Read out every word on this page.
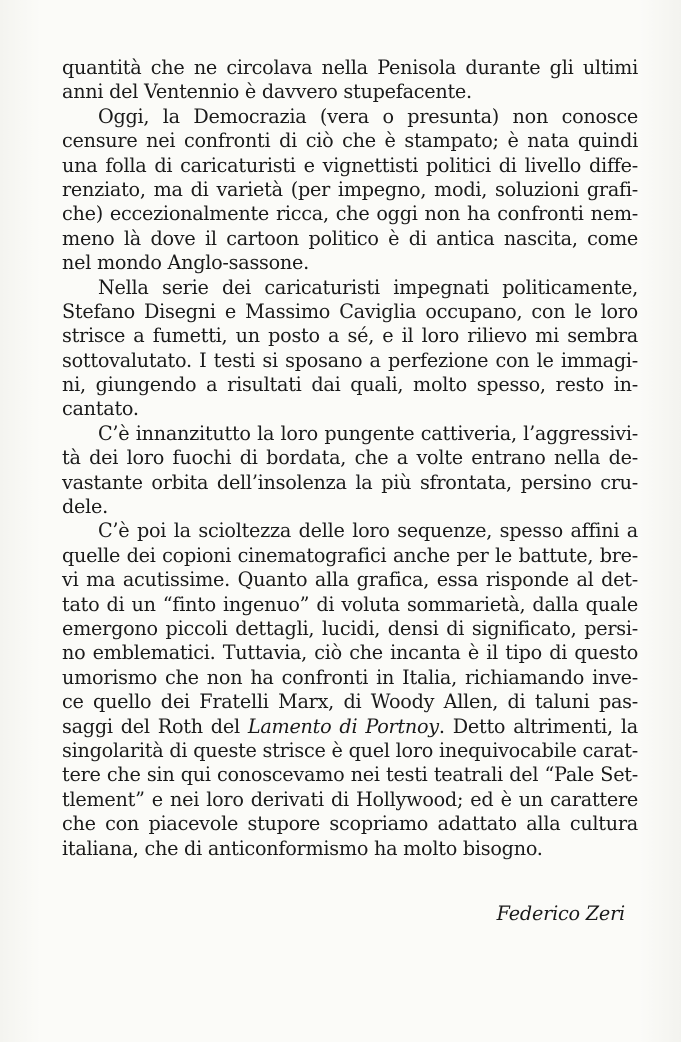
quantità che ne circolava nella Penisola durante gli ultimi
anni del Ventennio è davvero stupefacente.
Oggi, la Democrazia (vera o presunta) non conosce
censure nei confronti di ciò che è stampato; è nata quindi
una folla di caricaturisti e vignettisti politici di livello diffe-
renziato, ma di varietà (per impegno, modi, soluzioni grafi-
che) eccezionalmente ricca, che oggi non ha confronti nem-
meno là dove il cartoon politico è di antica nascita, come
nel mondo Anglo-sassone.
Nella serie dei caricaturisti impegnati politicamente,
Stefano Disegni e Massimo Caviglia occupano, con le loro
strisce a fumetti, un posto a sé, e il loro rilievo mi sembra
sottovalutato. I testi si sposano a perfezione con le immagi-
ni, giungendo a risultati dai quali, molto spesso, resto in-
cantato.
C’è innanzitutto la loro pungente cattiveria, l’aggressivi-
tà dei loro fuochi di bordata, che a volte entrano nella de-
vastante orbita dell’insolenza la più sfrontata, persino cru-
dele.
C’è poi la scioltezza delle loro sequenze, spesso affini a
quelle dei copioni cinematografici anche per le battute, bre-
vi ma acutissime. Quanto alla grafica, essa risponde al det-
tato di un “finto ingenuo” di voluta sommarietà, dalla quale
emergono piccoli dettagli, lucidi, densi di significato, persi-
no emblematici. Tuttavia, ciò che incanta è il tipo di questo
umorismo che non ha confronti in Italia, richiamando inve-
ce quello dei Fratelli Marx, di Woody Allen, di taluni pas-
saggi del Roth del Lamento di Portnoy. Detto altrimenti, la
singolarità di queste strisce è quel loro inequivocabile carat-
tere che sin qui conoscevamo nei testi teatrali del “Pale Set-
tlement” e nei loro derivati di Hollywood; ed è un carattere
che con piacevole stupore scopriamo adattato alla cultura
italiana, che di anticonformismo ha molto bisogno.
Federico Zeri
